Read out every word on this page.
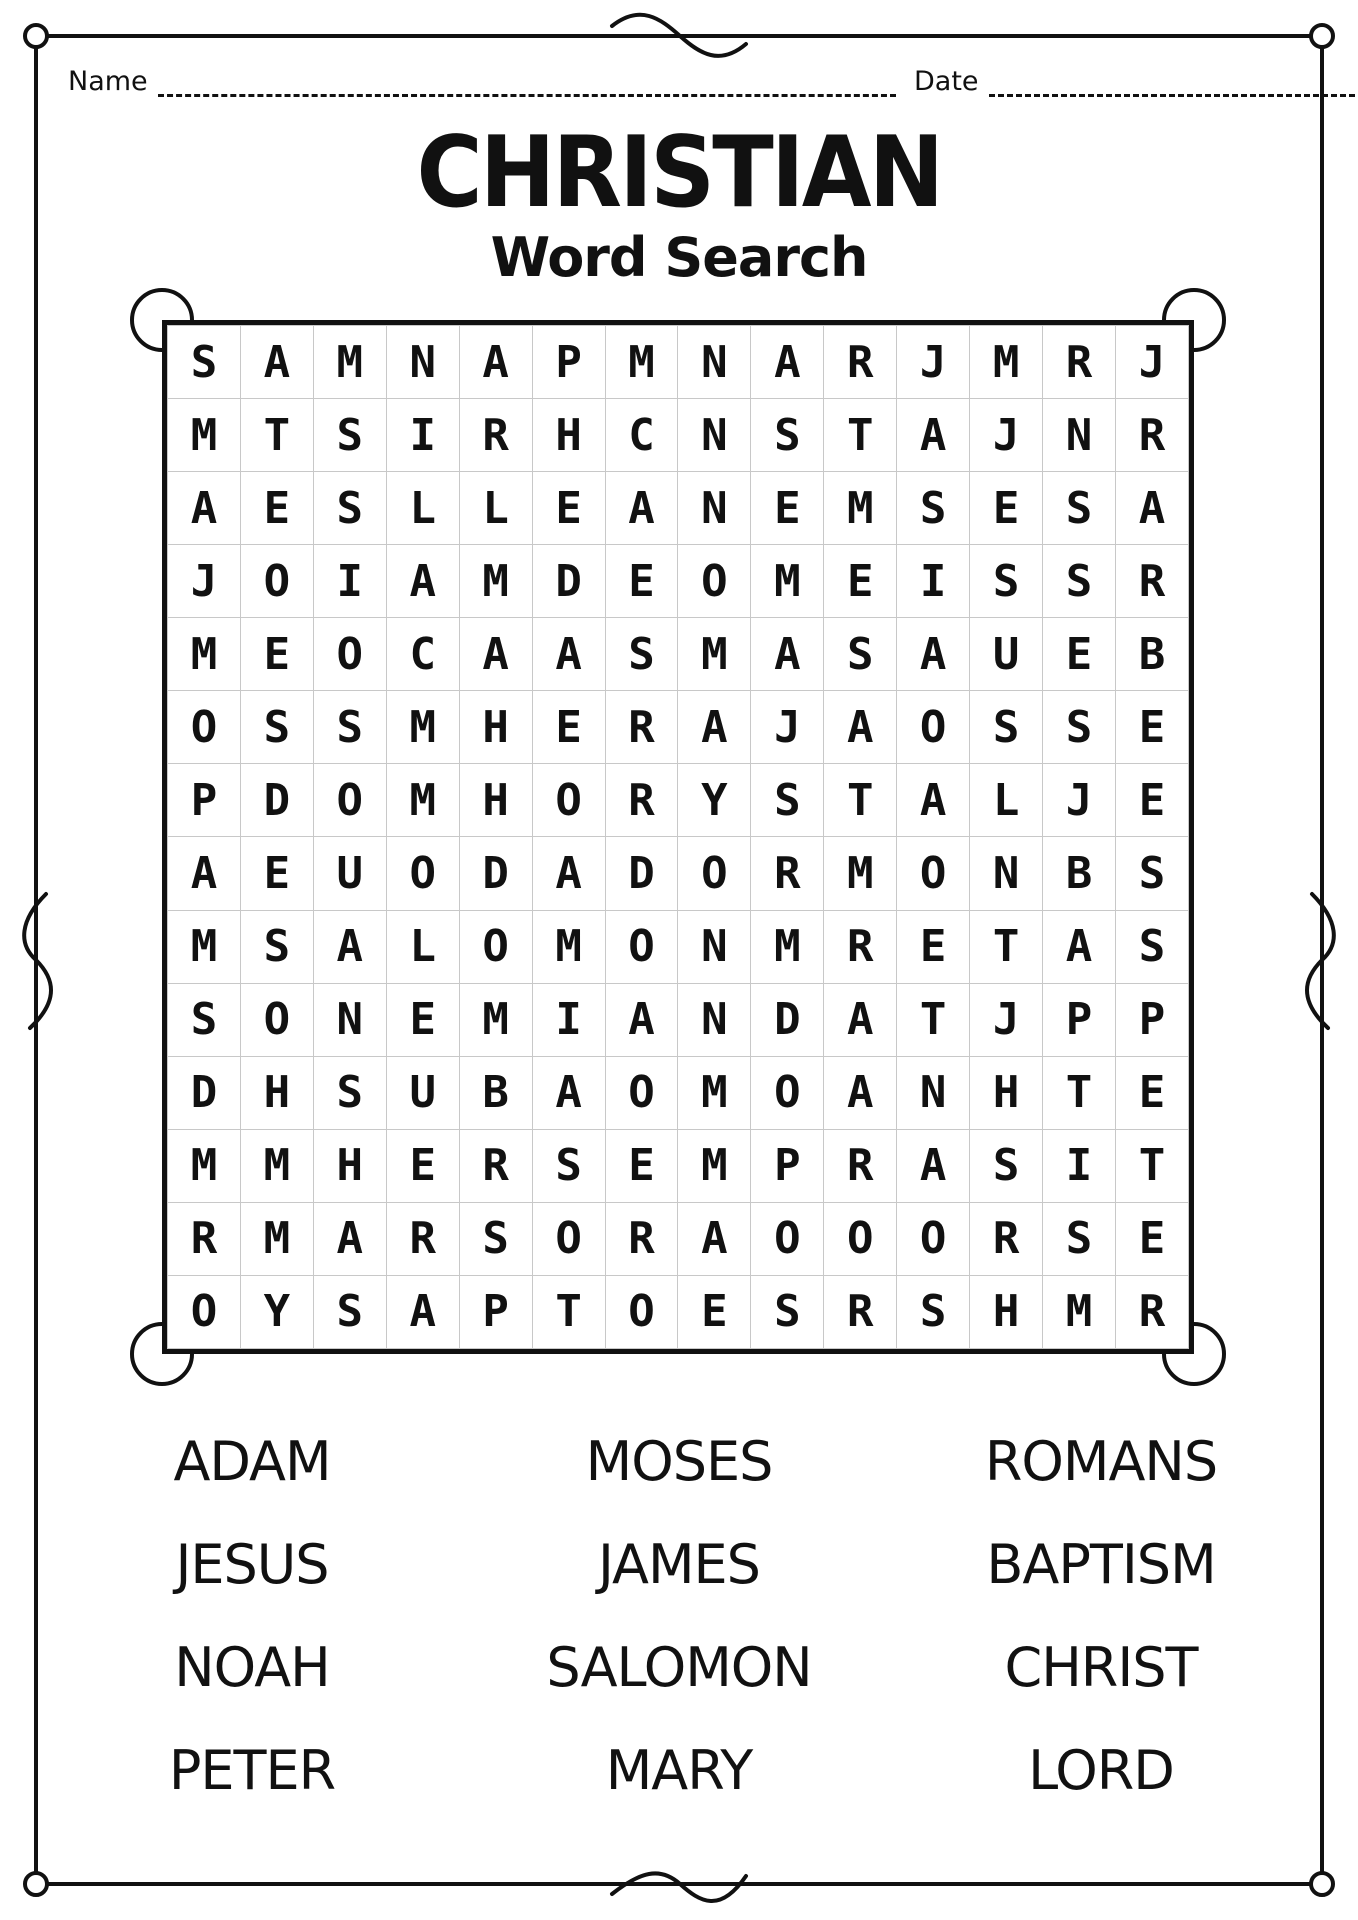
Name	Date
CHRISTIAN
Word Search
S	A	M	N	A	P	M	N	A	R	J	M	R	J
M	T	S	I	R	H	C	N	S	T	A	J	N	R
A	E	S	L	L	E	A	N	E	M	S	E	S	A
J	O	I	A	M	D	E	O	M	E	I	S	S	R
M	E	O	C	A	A	S	M	A	S	A	U	E	B
O	S	S	M	H	E	R	A	J	A	O	S	S	E
P	D	O	M	H	O	R	Y	S	T	A	L	J	E
A	E	U	O	D	A	D	O	R	M	O	N	B	S
M	S	A	L	O	M	O	N	M	R	E	T	A	S
S	O	N	E	M	I	A	N	D	A	T	J	P	P
D	H	S	U	B	A	O	M	O	A	N	H	T	E
M	M	H	E	R	S	E	M	P	R	A	S	I	T
R	M	A	R	S	O	R	A	O	O	O	R	S	E
O	Y	S	A	P	T	O	E	S	R	S	H	M	R
ADAM	MOSES	ROMANS
JESUS	JAMES	BAPTISM
NOAH	SALOMON	CHRIST
PETER	MARY	LORD
